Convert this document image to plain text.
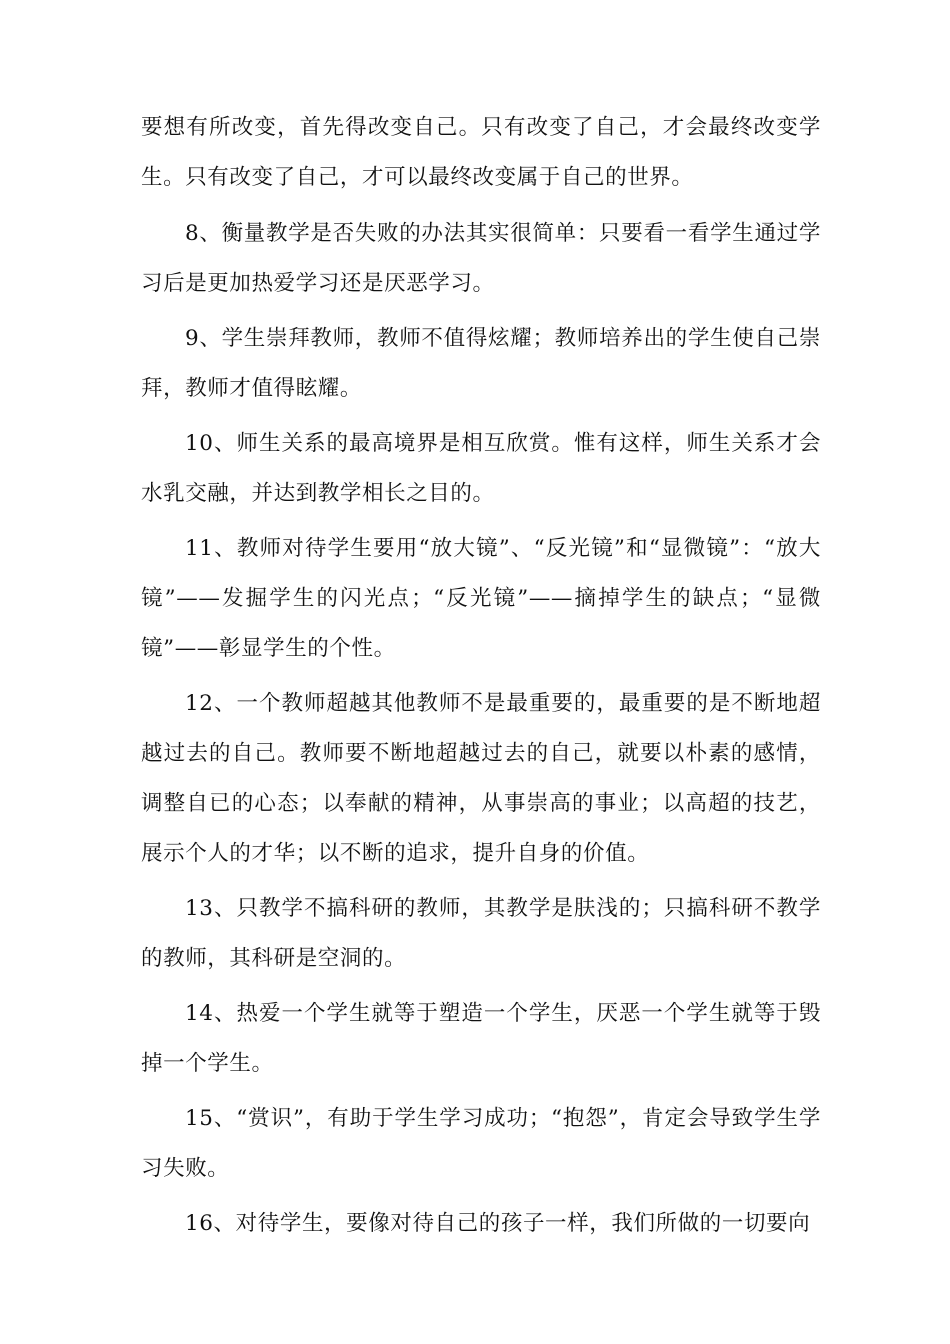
要想有所改变，首先得改变自己。只有改变了自己，才会最终改变学生。只有改变了自己，才可以最终改变属于自己的世界。

8、衡量教学是否失败的办法其实很简单：只要看一看学生通过学习后是更加热爱学习还是厌恶学习。

9、学生崇拜教师，教师不值得炫耀；教师培养出的学生使自己崇拜，教师才值得眩耀。

10、师生关系的最高境界是相互欣赏。惟有这样，师生关系才会水乳交融，并达到教学相长之目的。

11、教师对待学生要用“放大镜”、“反光镜”和“显微镜”：“放大镜”——发掘学生的闪光点；“反光镜”——摘掉学生的缺点；“显微镜”——彰显学生的个性。

12、一个教师超越其他教师不是最重要的，最重要的是不断地超越过去的自己。教师要不断地超越过去的自己，就要以朴素的感情，调整自已的心态；以奉献的精神，从事崇高的事业；以高超的技艺，展示个人的才华；以不断的追求，提升自身的价值。

13、只教学不搞科研的教师，其教学是肤浅的；只搞科研不教学的教师，其科研是空洞的。

14、热爱一个学生就等于塑造一个学生，厌恶一个学生就等于毁掉一个学生。

15、“赏识”，有助于学生学习成功；“抱怨”，肯定会导致学生学习失败。

16、对待学生，要像对待自己的孩子一样，我们所做的一切要向
